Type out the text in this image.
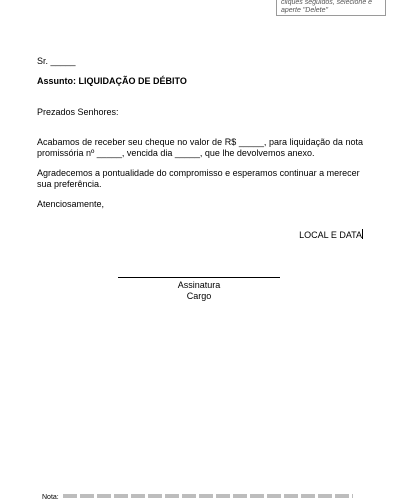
cliques seguidos, selecione e
aperte "Delete"
Sr. _____
Assunto: LIQUIDAÇÃO DE DÉBITO
Prezados Senhores:
Acabamos de receber seu cheque no valor de R$ _____, para liquidação da nota promissória nº _____, vencida dia _____, que lhe devolvemos anexo.
Agradecemos a pontualidade do compromisso e esperamos continuar a merecer sua preferência.
Atenciosamente,
LOCAL E DATA
Assinatura
Cargo
Nota:
